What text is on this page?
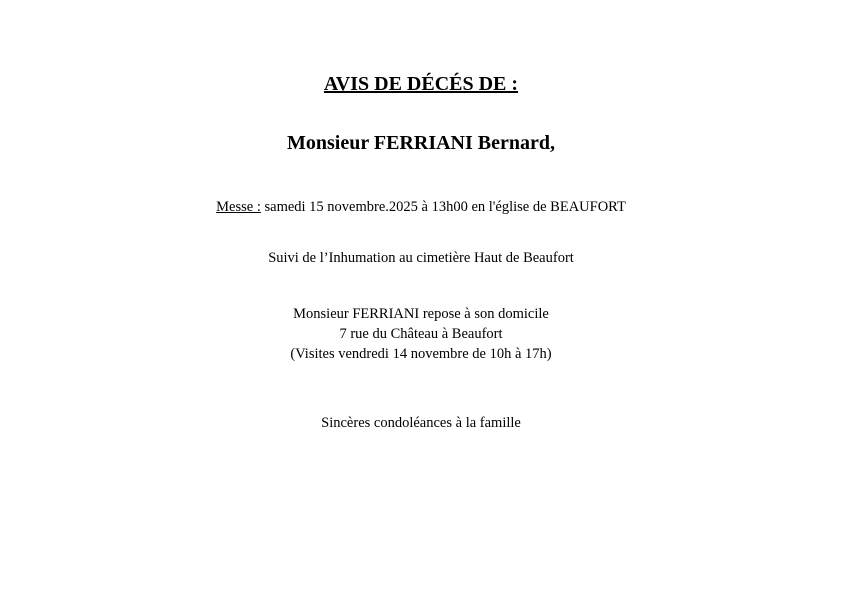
AVIS DE DÉCÉS DE :
Monsieur FERRIANI Bernard,
Messe : samedi 15 novembre.2025 à 13h00 en l'église de BEAUFORT
Suivi de l’Inhumation au cimetière Haut de Beaufort
Monsieur FERRIANI repose à son domicile
7 rue du Château à Beaufort
(Visites vendredi 14 novembre de 10h à 17h)
Sincères condoléances à la famille
